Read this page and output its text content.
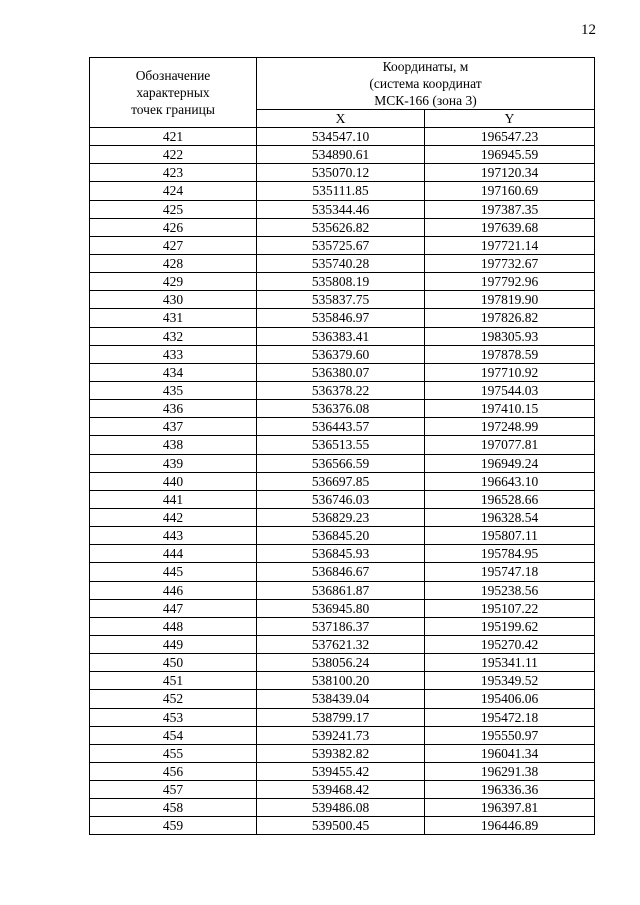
12
Обозначение
характерных
точек границы	Координаты, м
(система координат
МСК-166 (зона 3)	

	X	Y
421	534547.10	196547.23
422	534890.61	196945.59
423	535070.12	197120.34
424	535111.85	197160.69
425	535344.46	197387.35
426	535626.82	197639.68
427	535725.67	197721.14
428	535740.28	197732.67
429	535808.19	197792.96
430	535837.75	197819.90
431	535846.97	197826.82
432	536383.41	198305.93
433	536379.60	197878.59
434	536380.07	197710.92
435	536378.22	197544.03
436	536376.08	197410.15
437	536443.57	197248.99
438	536513.55	197077.81
439	536566.59	196949.24
440	536697.85	196643.10
441	536746.03	196528.66
442	536829.23	196328.54
443	536845.20	195807.11
444	536845.93	195784.95
445	536846.67	195747.18
446	536861.87	195238.56
447	536945.80	195107.22
448	537186.37	195199.62
449	537621.32	195270.42
450	538056.24	195341.11
451	538100.20	195349.52
452	538439.04	195406.06
453	538799.17	195472.18
454	539241.73	195550.97
455	539382.82	196041.34
456	539455.42	196291.38
457	539468.42	196336.36
458	539486.08	196397.81
459	539500.45	196446.89
